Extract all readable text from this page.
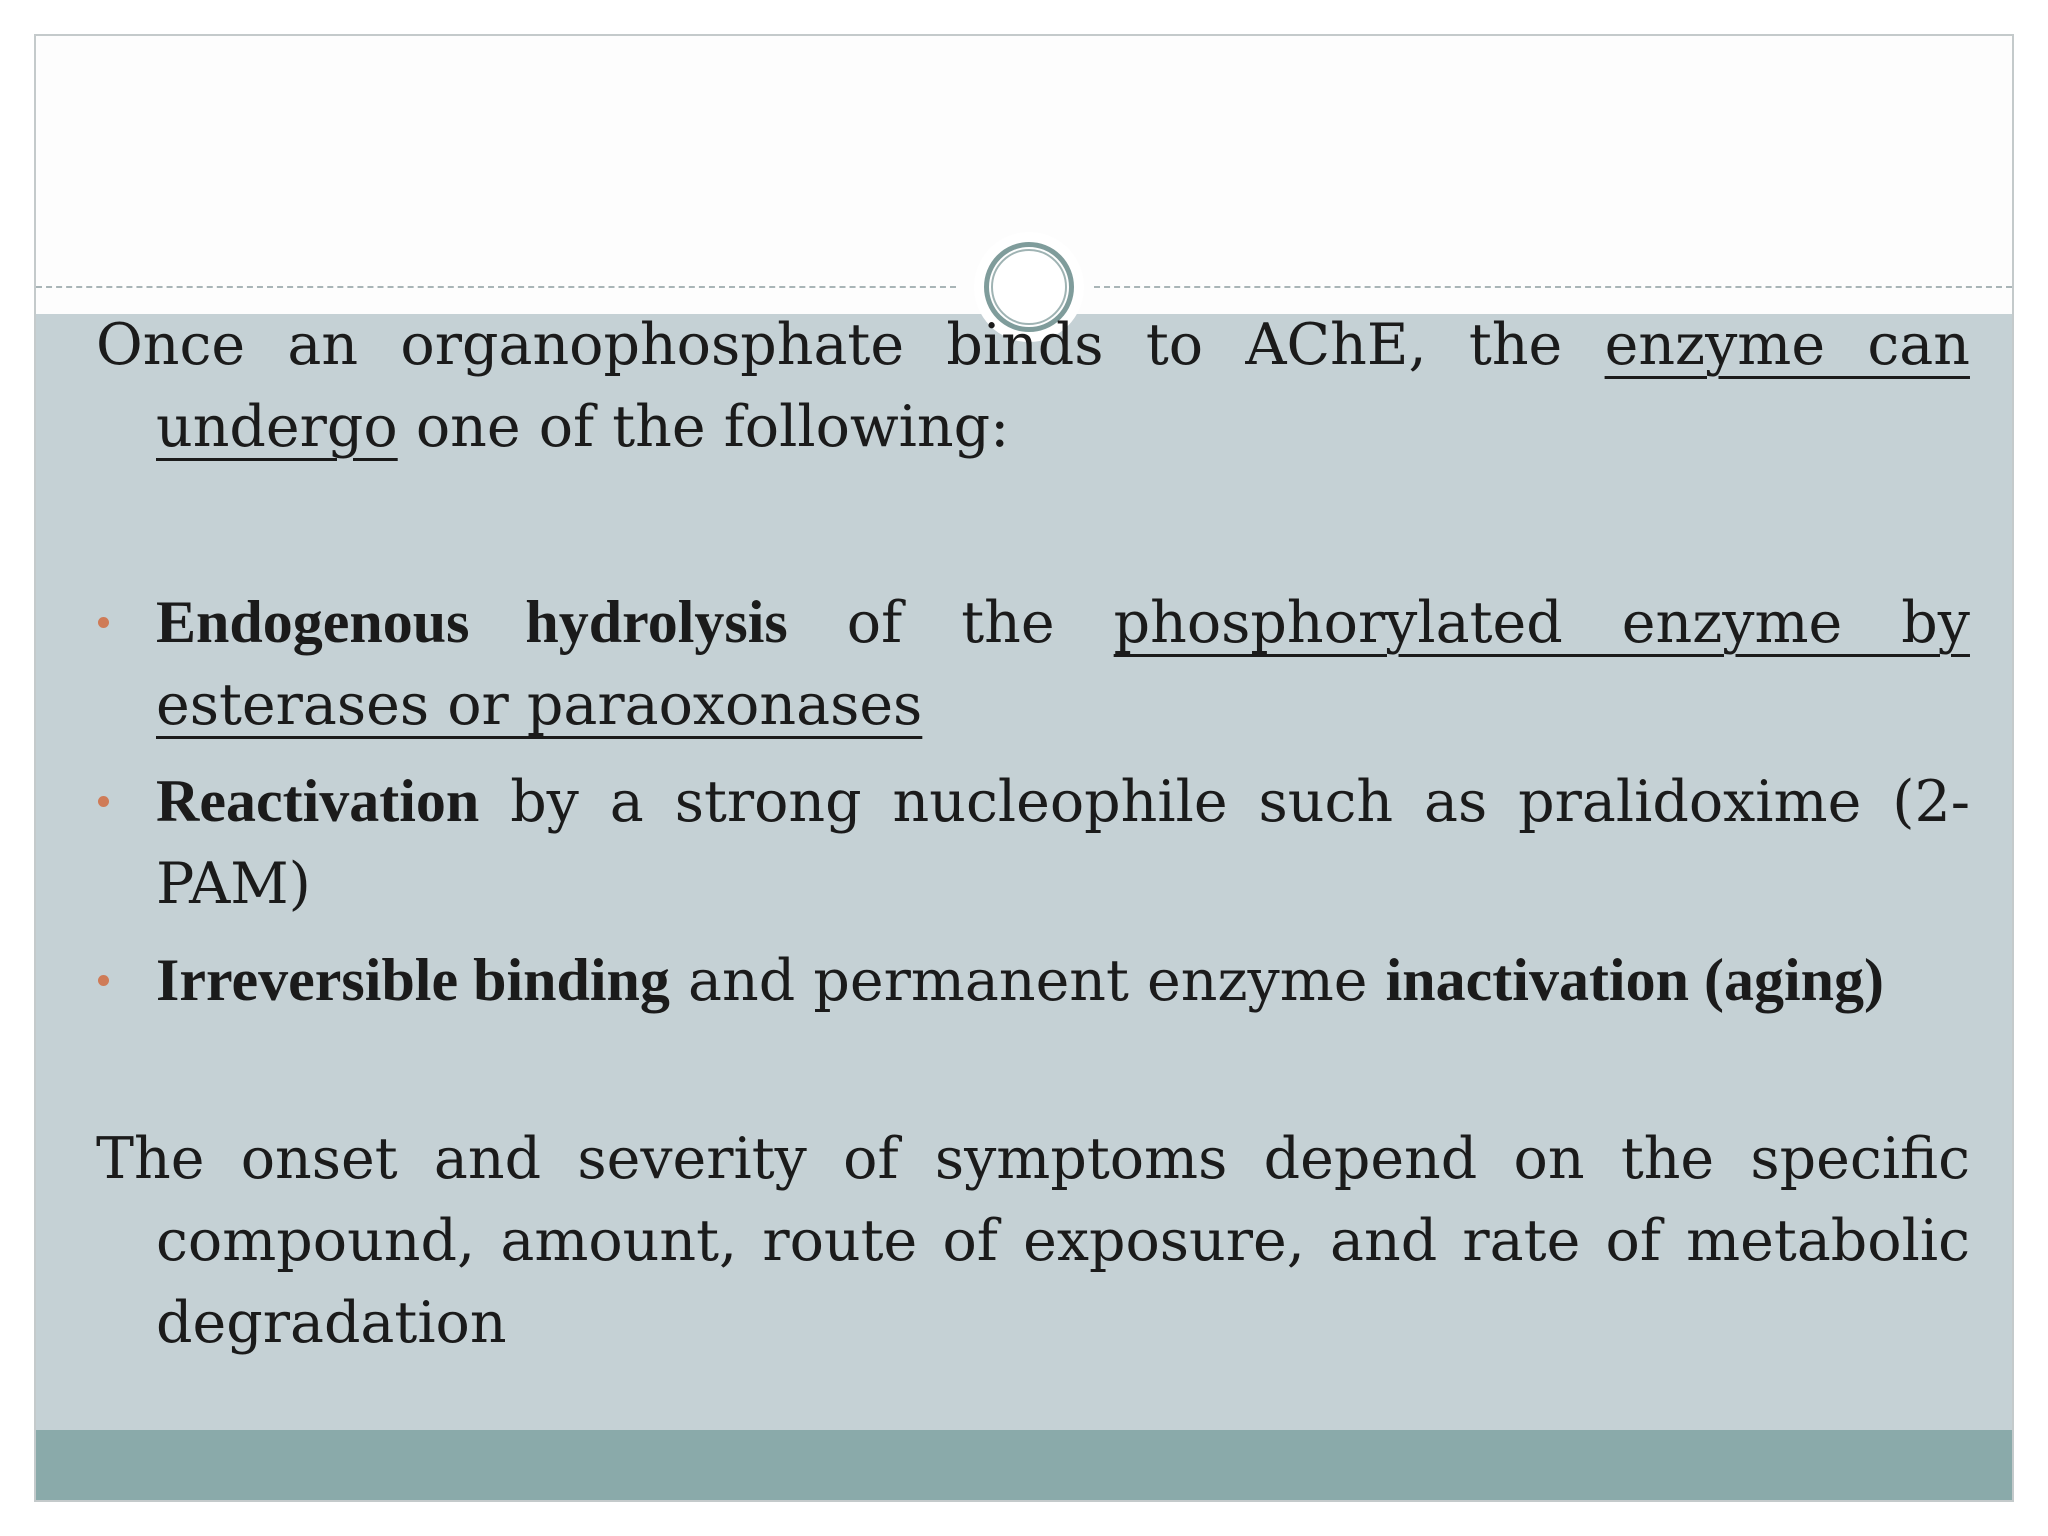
Once an organophosphate binds to AChE, the enzyme can undergo one of the following:

Endogenous hydrolysis of the phosphorylated enzyme by esterases or paraoxonases
Reactivation by a strong nucleophile such as pralidoxime (2-PAM)
Irreversible binding and permanent enzyme inactivation (aging)

The onset and severity of symptoms depend on the specific compound, amount, route of exposure, and rate of metabolic degradation
